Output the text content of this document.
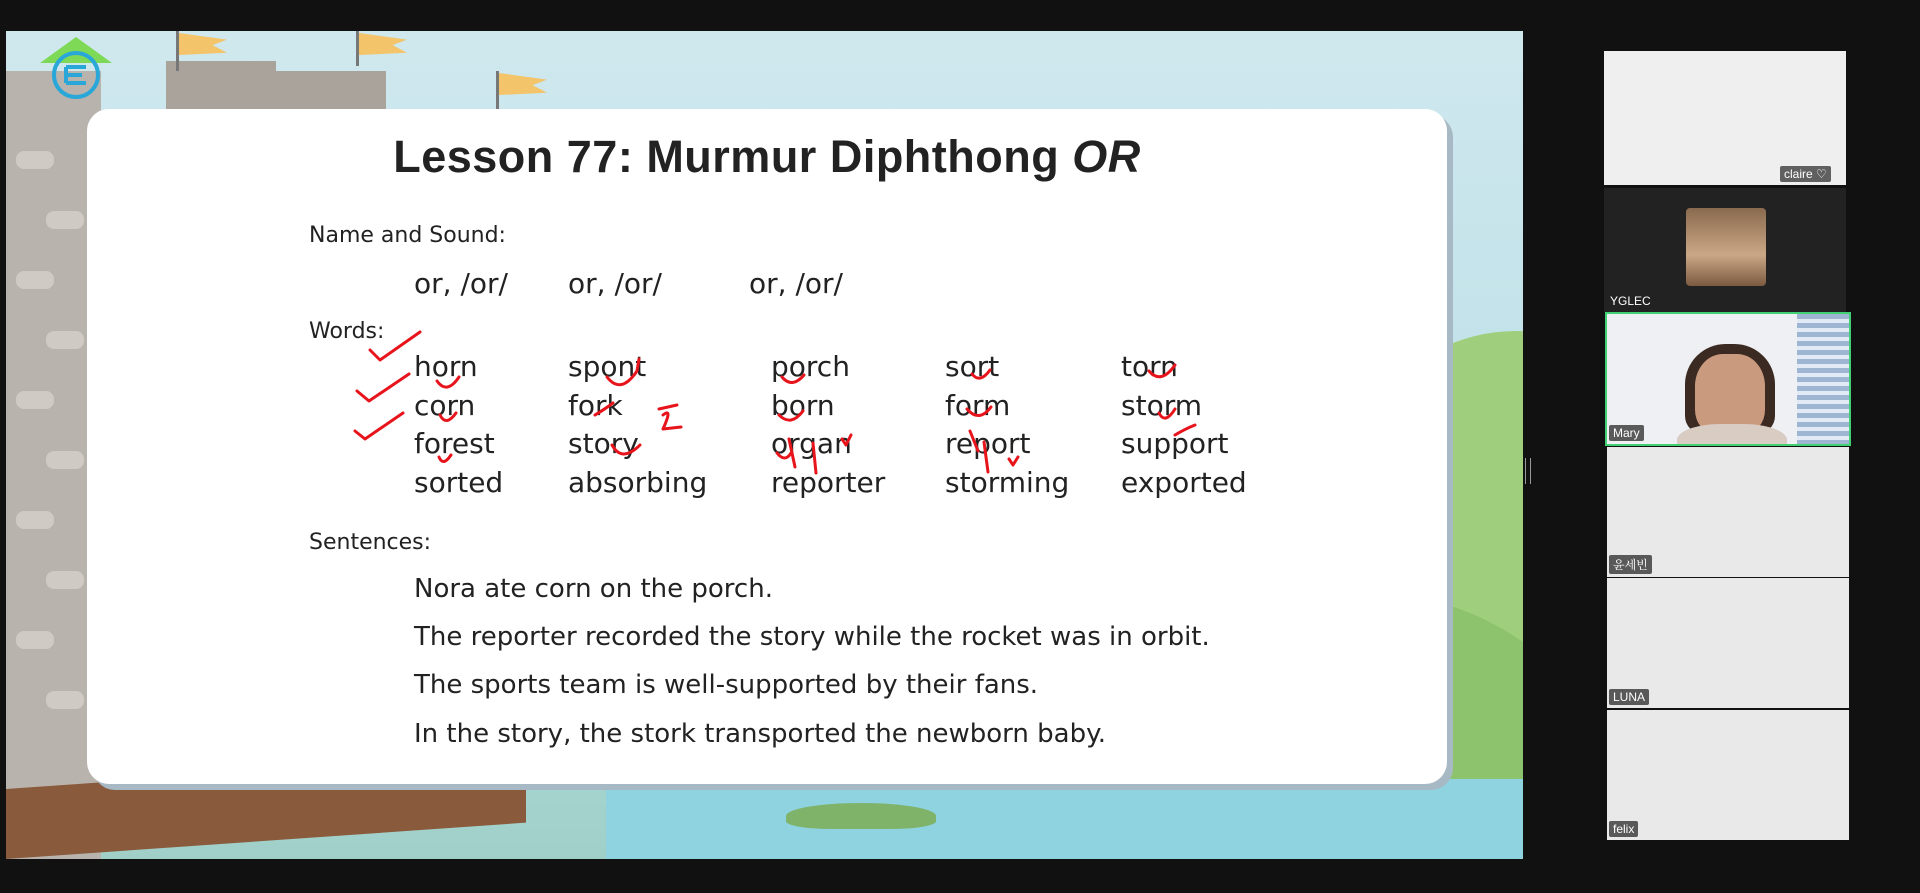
Lesson 77: Murmur Diphthong OR
Name and Sound:
or, /or/ or, /or/	or, /or/
Words:
horn	spont	porch	sort	torn
corn	fork	born	form	storm
forest	story	organ	report	support
sorted absorbing reporter storming exported
Sentences:
Nora ate corn on the porch.
The reporter recorded the story while the rocket was in orbit.
The sports team is well-supported by their fans.
In the story, the stork transported the newborn baby.
claire ♡
YGLEC
Mary
윤세빈
LUNA
felix
